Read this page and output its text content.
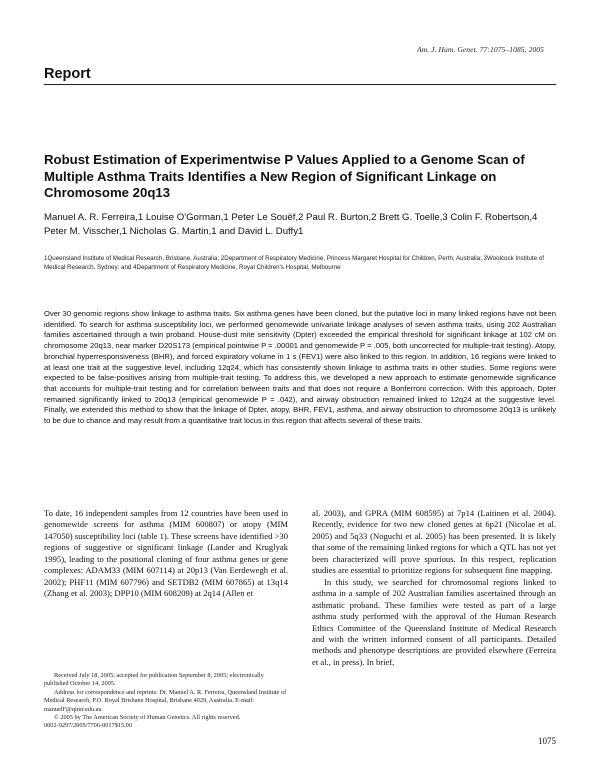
Am. J. Hum. Genet. 77:1075–1085, 2005
Report
Robust Estimation of Experimentwise P Values Applied to a Genome Scan of Multiple Asthma Traits Identifies a New Region of Significant Linkage on Chromosome 20q13
Manuel A. R. Ferreira,1 Louise O'Gorman,1 Peter Le Souëf,2 Paul R. Burton,2 Brett G. Toelle,3 Colin F. Robertson,4 Peter M. Visscher,1 Nicholas G. Martin,1 and David L. Duffy1
1Queensland Institute of Medical Research, Brisbane, Australia; 2Department of Respiratory Medicine, Princess Margaret Hospital for Children, Perth, Australia; 3Woolcock Institute of Medical Research, Sydney; and 4Department of Respiratory Medicine, Royal Children's Hospital, Melbourne

Over 30 genomic regions show linkage to asthma traits. Six asthma genes have been cloned, but the putative loci in many linked regions have not been identified. To search for asthma susceptibility loci, we performed genomewide univariate linkage analyses of seven asthma traits, using 202 Australian families ascertained through a twin proband. House-dust mite sensitivity (Dpter) exceeded the empirical threshold for significant linkage at 102 cM on chromosome 20q13, near marker D20S173 (empirical pointwise P = .00001 and genomewide P = .005, both uncorrected for multiple-trait testing). Atopy, bronchial hyperresponsiveness (BHR), and forced expiratory volume in 1 s (FEV1) were also linked to this region. In addition, 16 regions were linked to at least one trait at the suggestive level, including 12q24, which has consistently shown linkage to asthma traits in other studies. Some regions were expected to be false-positives arising from multiple-trait testing. To address this, we developed a new approach to estimate genomewide significance that accounts for multiple-trait testing and for correlation between traits and that does not require a Bonferroni correction. With this approach, Dpter remained significantly linked to 20q13 (empirical genomewide P = .042), and airway obstruction remained linked to 12q24 at the suggestive level. Finally, we extended this method to show that the linkage of Dpter, atopy, BHR, FEV1, asthma, and airway obstruction to chromosome 20q13 is unlikely to be due to chance and may result from a quantitative trait locus in this region that affects several of these traits.

To date, 16 independent samples from 12 countries have been used in genomewide screens for asthma (MIM 600807) or atopy (MIM 147050) susceptibility loci (table 1). These screens have identified >30 regions of suggestive or significant linkage (Lander and Kruglyak 1995), leading to the positional cloning of four asthma genes or gene complexes: ADAM33 (MIM 607114) at 20p13 (Van Eerdewegh et al. 2002); PHF11 (MIM 607796) and SETDB2 (MIM 607865) at 13q14 (Zhang et al. 2003); DPP10 (MIM 608209) at 2q14 (Allen et

al. 2003), and GPRA (MIM 608595) at 7p14 (Laitinen et al. 2004). Recently, evidence for two new cloned genes at 6p21 (Nicolae et al. 2005) and 5q33 (Noguchi et al. 2005) has been presented. It is likely that some of the remaining linked regions for which a QTL has not yet been characterized will prove spurious. In this respect, replication studies are essential to prioritize regions for subsequent fine mapping.

In this study, we searched for chromosomal regions linked to asthma in a sample of 202 Australian families ascertained through an asthmatic proband. These families were tested as part of a large asthma study performed with the approval of the Human Research Ethics Committee of the Queensland Institute of Medical Research and with the written informed consent of all participants. Detailed methods and phenotype descriptions are provided elsewhere (Ferreira et al., in press). In brief,

Received July 18, 2005; accepted for publication September 8, 2005; electronically published October 14, 2005.

Address for correspondence and reprints: Dr. Manuel A. R. Ferreira, Queensland Institute of Medical Research, P.O. Royal Brisbane Hospital, Brisbane 4029, Australia. E-mail: manuelF@qimr.edu.au

© 2005 by The American Society of Human Genetics. All rights reserved.

0002-9297/2005/7706-0017$15.00

1075
